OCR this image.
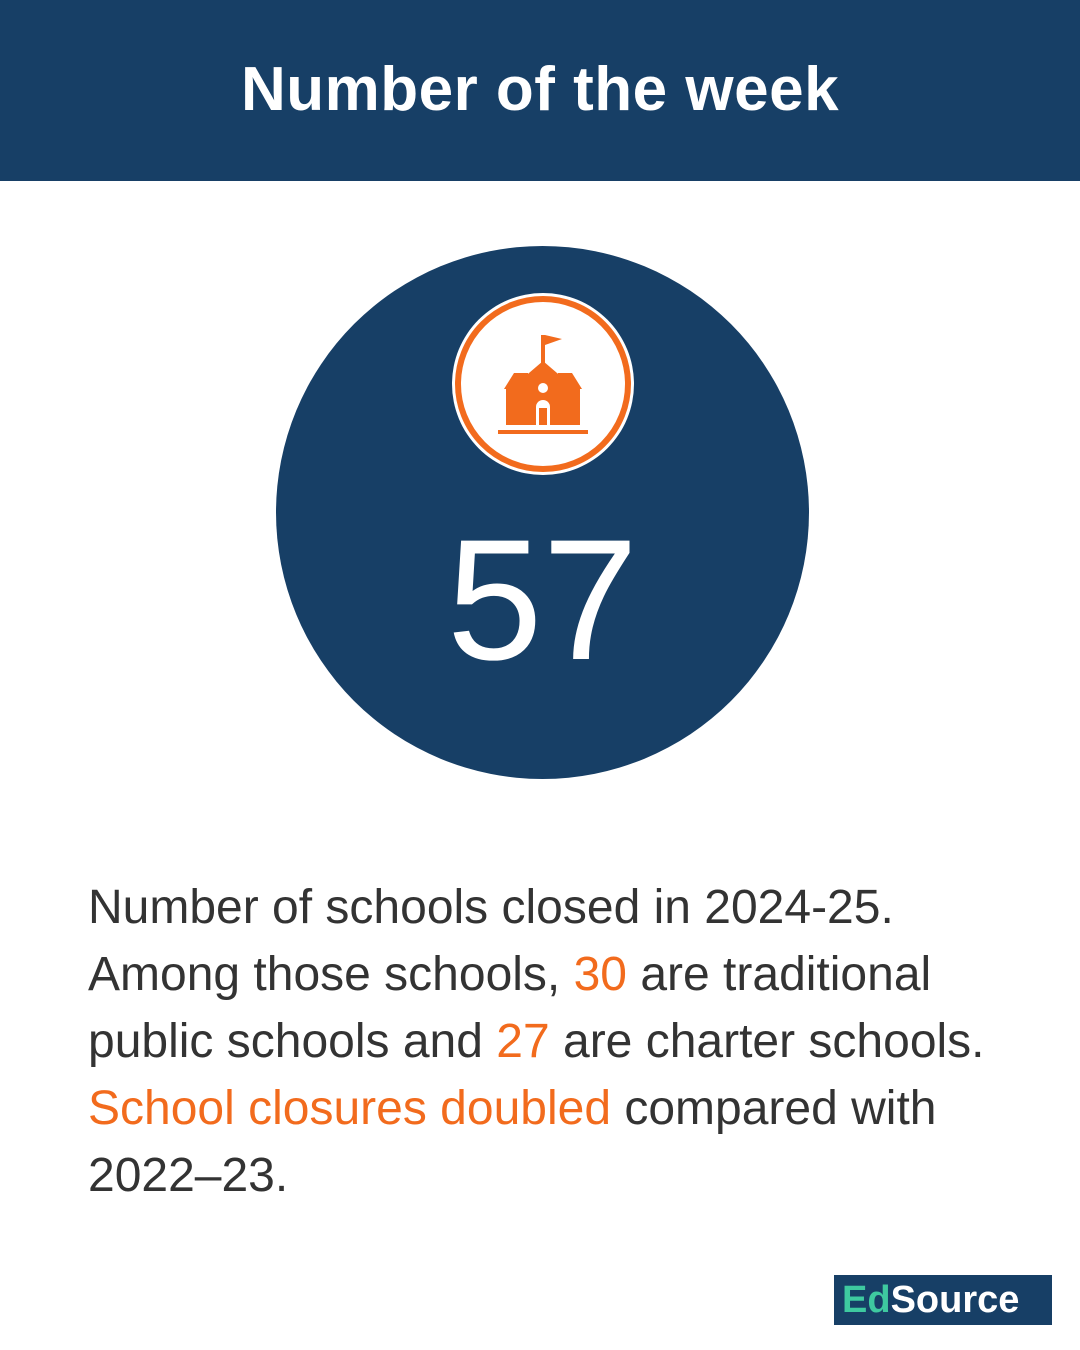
Number of the week
57
Number of schools closed in 2024-25.
Among those schools, 30 are traditional
public schools and 27 are charter schools.
School closures doubled compared with
2022–23.
Ed Source
